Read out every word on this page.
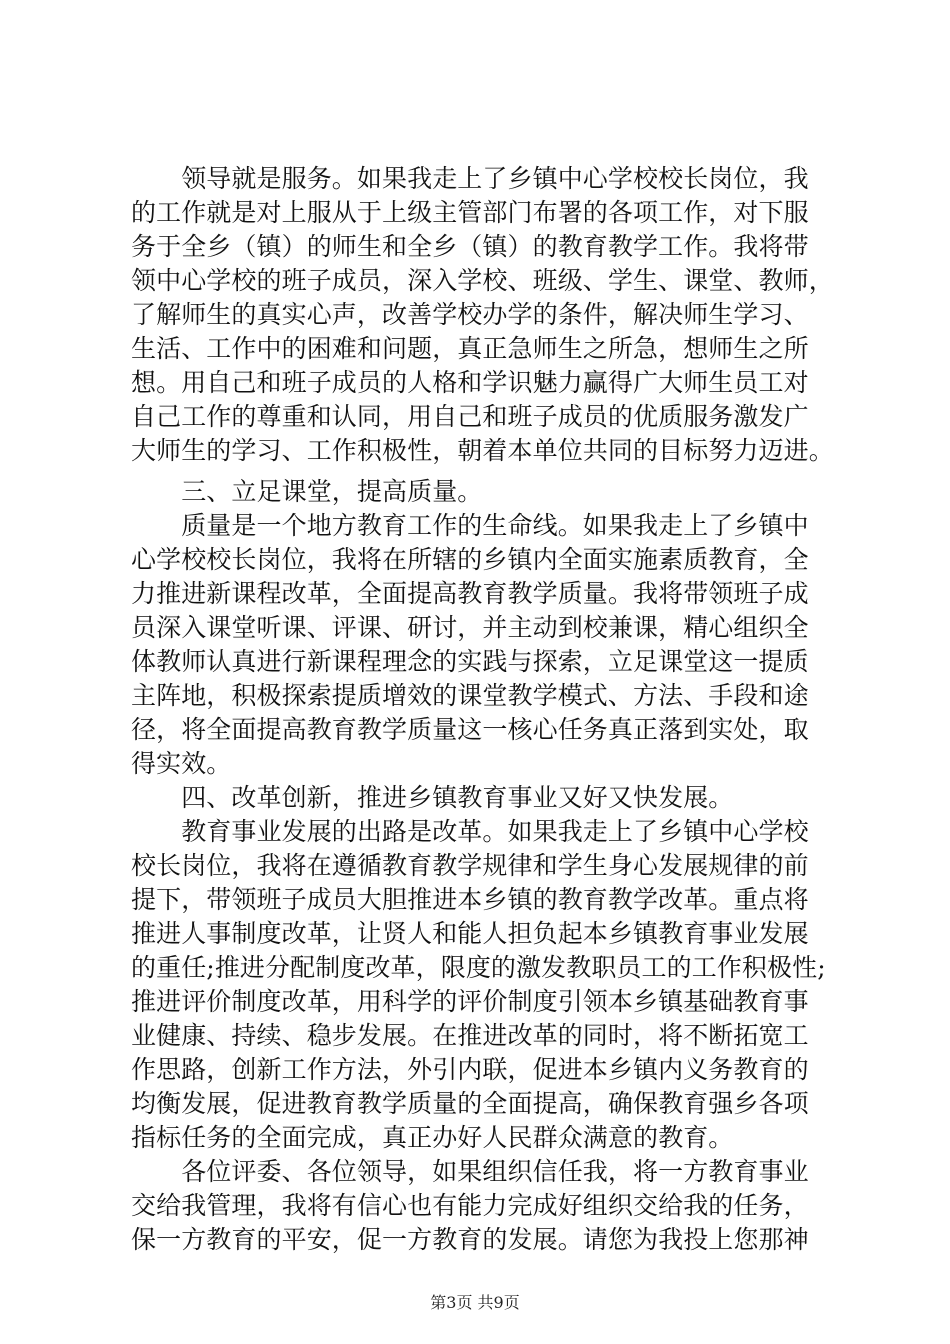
　　领导就是服务。如果我走上了乡镇中心学校校长岗位，我
的工作就是对上服从于上级主管部门布署的各项工作，对下服
务于全乡（镇）的师生和全乡（镇）的教育教学工作。我将带
领中心学校的班子成员，深入学校、班级、学生、课堂、教师，
了解师生的真实心声，改善学校办学的条件，解决师生学习、
生活、工作中的困难和问题，真正急师生之所急，想师生之所
想。用自己和班子成员的人格和学识魅力赢得广大师生员工对
自己工作的尊重和认同，用自己和班子成员的优质服务激发广
大师生的学习、工作积极性，朝着本单位共同的目标努力迈进。
　　三、立足课堂，提高质量。
　　质量是一个地方教育工作的生命线。如果我走上了乡镇中
心学校校长岗位，我将在所辖的乡镇内全面实施素质教育，全
力推进新课程改革，全面提高教育教学质量。我将带领班子成
员深入课堂听课、评课、研讨，并主动到校兼课，精心组织全
体教师认真进行新课程理念的实践与探索，立足课堂这一提质
主阵地，积极探索提质增效的课堂教学模式、方法、手段和途
径，将全面提高教育教学质量这一核心任务真正落到实处，取
得实效。
　　四、改革创新，推进乡镇教育事业又好又快发展。
　　教育事业发展的出路是改革。如果我走上了乡镇中心学校
校长岗位，我将在遵循教育教学规律和学生身心发展规律的前
提下，带领班子成员大胆推进本乡镇的教育教学改革。重点将
推进人事制度改革，让贤人和能人担负起本乡镇教育事业发展
的重任;推进分配制度改革，限度的激发教职员工的工作积极性;
推进评价制度改革，用科学的评价制度引领本乡镇基础教育事
业健康、持续、稳步发展。在推进改革的同时，将不断拓宽工
作思路，创新工作方法，外引内联，促进本乡镇内义务教育的
均衡发展，促进教育教学质量的全面提高，确保教育强乡各项
指标任务的全面完成，真正办好人民群众满意的教育。
　　各位评委、各位领导，如果组织信任我，将一方教育事业
交给我管理，我将有信心也有能力完成好组织交给我的任务，
保一方教育的平安，促一方教育的发展。请您为我投上您那神
第3页 共9页
